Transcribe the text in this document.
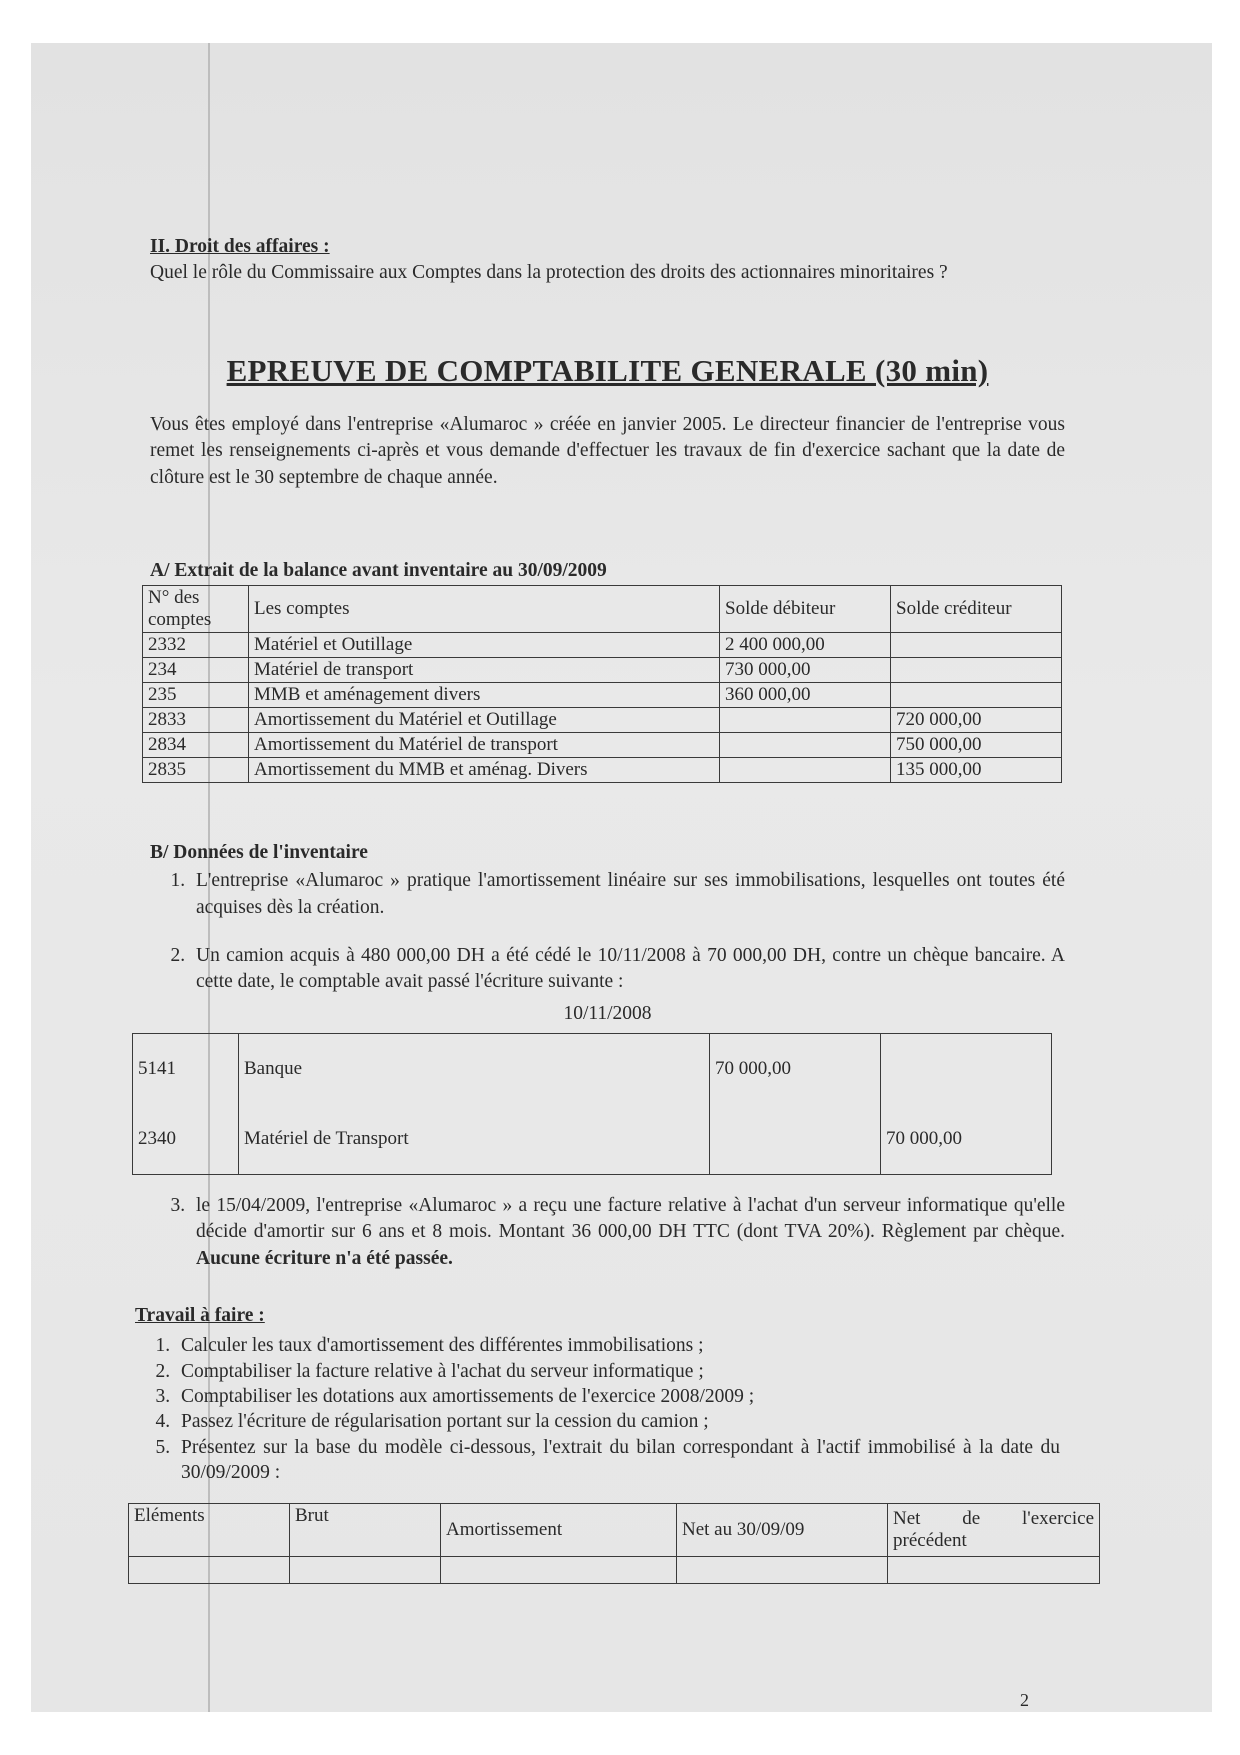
II. Droit des affaires :
Quel le rôle du Commissaire aux Comptes dans la protection des droits des actionnaires minoritaires ?
EPREUVE DE COMPTABILITE GENERALE (30 min)
Vous êtes employé dans l'entreprise «Alumaroc » créée en janvier 2005. Le directeur financier de l'entreprise vous remet les renseignements ci-après et vous demande d'effectuer les travaux de fin d'exercice sachant que la date de clôture est le 30 septembre de chaque année.
A/ Extrait de la balance avant inventaire au 30/09/2009
N° des comptes	Les comptes	Solde débiteur	Solde créditeur
2332	Matériel et Outillage	2 400 000,00	
234	Matériel de transport	730 000,00	
235	MMB et aménagement divers	360 000,00	
2833	Amortissement du Matériel et Outillage		720 000,00
2834	Amortissement du Matériel de transport		750 000,00
2835	Amortissement du MMB et aménag. Divers		135 000,00
B/ Données de l'inventaire
1. L'entreprise «Alumaroc » pratique l'amortissement linéaire sur ses immobilisations, lesquelles ont toutes été acquises dès la création.
2. Un camion acquis à 480 000,00 DH a été cédé le 10/11/2008 à 70 000,00 DH, contre un chèque bancaire. A cette date, le comptable avait passé l'écriture suivante :
10/11/2008
5141	Banque	70 000,00	
2340	Matériel de Transport		70 000,00
3. le 15/04/2009, l'entreprise «Alumaroc » a reçu une facture relative à l'achat d'un serveur informatique qu'elle décide d'amortir sur 6 ans et 8 mois. Montant 36 000,00 DH TTC (dont TVA 20%). Règlement par chèque. Aucune écriture n'a été passée.
Travail à faire :
1. Calculer les taux d'amortissement des différentes immobilisations ;
2. Comptabiliser la facture relative à l'achat du serveur informatique ;
3. Comptabiliser les dotations aux amortissements de l'exercice 2008/2009 ;
4. Passez l'écriture de régularisation portant sur la cession du camion ;
5. Présentez sur la base du modèle ci-dessous, l'extrait du bilan correspondant à l'actif immobilisé à la date du 30/09/2009 :
Eléments	Brut	Amortissement	Net au 30/09/09	Net de l'exercice précédent

2
